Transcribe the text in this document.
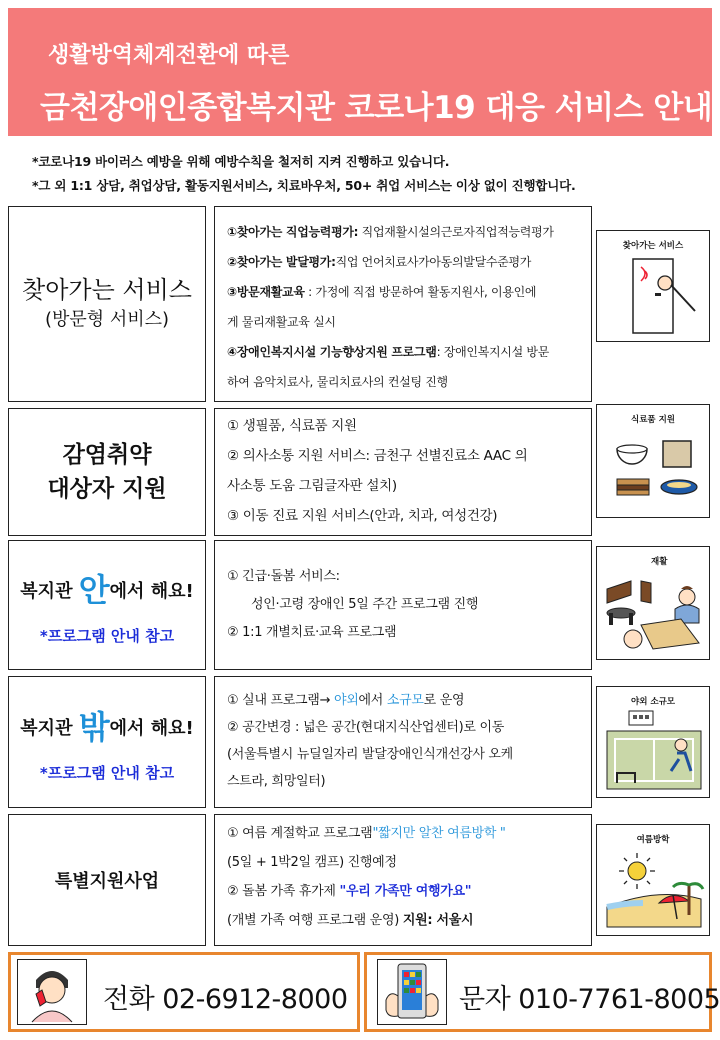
생활방역체계전환에 따른
금천장애인종합복지관 코로나19 대응 서비스 안내
*코로나19 바이러스 예방을 위해 예방수칙을 철저히 지켜 진행하고 있습니다.
*그 외 1:1 상담, 취업상담, 활동지원서비스, 치료바우처, 50+ 취업 서비스는 이상 없이 진행합니다.
찾아가는 서비스
(방문형 서비스)
①찾아가는 직업능력평가: 직업재활시설의근로자직업적능력평가
②찾아가는 발달평가:직업 언어치료사가아동의발달수준평가
③방문재활교육 : 가정에 직접 방문하여 활동지원사, 이용인에
게 물리재활교육 실시
④장애인복지시설 기능향상지원 프로그램: 장애인복지시설 방문
하여 음악치료사, 물리치료사의 컨설팅 진행
찾아가는 서비스
감염취약
대상자 지원
① 생필품, 식료품 지원
② 의사소통 지원 서비스: 금천구 선별진료소 AAC 의
사소통 도움 그림글자판 설치)
③ 이동 진료 지원 서비스(안과, 치과, 여성건강)
식료품 지원
복지관 안에서 해요!
*프로그램 안내 참고
① 긴급·돌봄 서비스:
성인·고령 장애인 5일 주간 프로그램 진행
② 1:1 개별치료·교육 프로그램
재활
복지관 밖에서 해요!
*프로그램 안내 참고
① 실내 프로그램→ 야외에서 소규모로 운영
② 공간변경 : 넓은 공간(현대지식산업센터)로 이동
(서울특별시 뉴딜일자리 발달장애인식개선강사 오케
스트라, 희망일터)
야외 소규모
특별지원사업
① 여름 계절학교 프로그램"짧지만 알찬 여름방학 "
(5일 + 1박2일 캠프) 진행예정
② 돌봄 가족 휴가제 "우리 가족만 여행가요"
(개별 가족 여행 프로그램 운영) 지원: 서울시
여름방학
전화 02-6912-8000	문자 010-7761-8005
